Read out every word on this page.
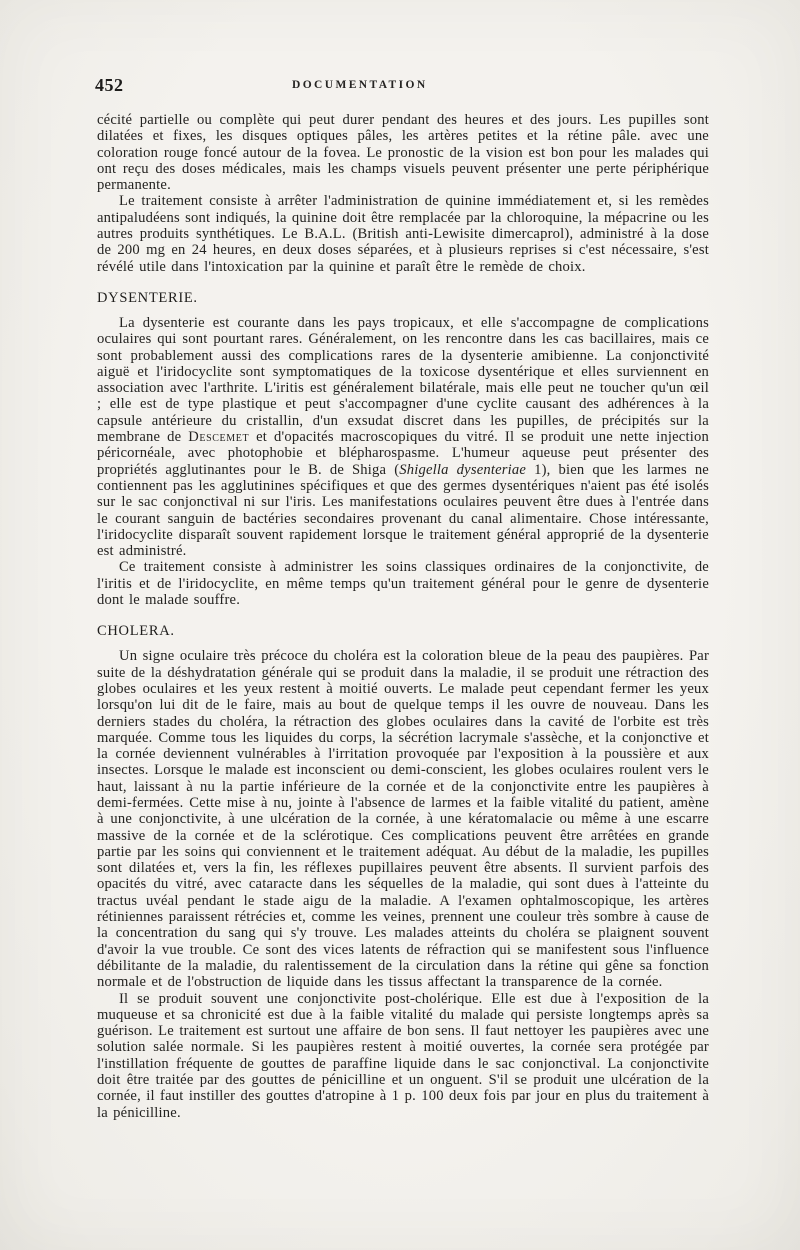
452	DOCUMENTATION

cécité partielle ou complète qui peut durer pendant des heures et des jours. Les pupilles sont dilatées et fixes, les disques optiques pâles, les artères petites et la rétine pâle. avec une coloration rouge foncé autour de la fovea. Le pronostic de la vision est bon pour les malades qui ont reçu des doses médicales, mais les champs visuels peuvent présenter une perte périphérique permanente.

Le traitement consiste à arrêter l'administration de quinine immédiatement et, si les remèdes antipaludéens sont indiqués, la quinine doit être remplacée par la chloroquine, la mépacrine ou les autres produits synthétiques. Le B.A.L. (British anti-Lewisite dimercaprol), administré à la dose de 200 mg en 24 heures, en deux doses séparées, et à plusieurs reprises si c'est nécessaire, s'est révélé utile dans l'intoxication par la quinine et paraît être le remède de choix.

DYSENTERIE.

La dysenterie est courante dans les pays tropicaux, et elle s'accompagne de complications oculaires qui sont pourtant rares. Généralement, on les rencontre dans les cas bacillaires, mais ce sont probablement aussi des complications rares de la dysenterie amibienne. La conjonctivité aiguë et l'iridocyclite sont symptomatiques de la toxicose dysentérique et elles surviennent en association avec l'arthrite. L'iritis est généralement bilatérale, mais elle peut ne toucher qu'un œil ; elle est de type plastique et peut s'accompagner d'une cyclite causant des adhérences à la capsule antérieure du cristallin, d'un exsudat discret dans les pupilles, de précipités sur la membrane de Descemet et d'opacités macroscopiques du vitré. Il se produit une nette injection péricornéale, avec photophobie et blépharospasme. L'humeur aqueuse peut présenter des propriétés agglutinantes pour le B. de Shiga (Shigella dysenteriae 1), bien que les larmes ne contiennent pas les agglutinines spécifiques et que des germes dysentériques n'aient pas été isolés sur le sac conjonctival ni sur l'iris. Les manifestations oculaires peuvent être dues à l'entrée dans le courant sanguin de bactéries secondaires provenant du canal alimentaire. Chose intéressante, l'iridocyclite disparaît souvent rapidement lorsque le traitement général approprié de la dysenterie est administré.

Ce traitement consiste à administrer les soins classiques ordinaires de la conjonctivite, de l'iritis et de l'iridocyclite, en même temps qu'un traitement général pour le genre de dysenterie dont le malade souffre.

CHOLERA.

Un signe oculaire très précoce du choléra est la coloration bleue de la peau des paupières. Par suite de la déshydratation générale qui se produit dans la maladie, il se produit une rétraction des globes oculaires et les yeux restent à moitié ouverts. Le malade peut cependant fermer les yeux lorsqu'on lui dit de le faire, mais au bout de quelque temps il les ouvre de nouveau. Dans les derniers stades du choléra, la rétraction des globes oculaires dans la cavité de l'orbite est très marquée. Comme tous les liquides du corps, la sécrétion lacrymale s'assèche, et la conjonctive et la cornée deviennent vulnérables à l'irritation provoquée par l'exposition à la poussière et aux insectes. Lorsque le malade est inconscient ou demi-conscient, les globes oculaires roulent vers le haut, laissant à nu la partie inférieure de la cornée et de la conjonctivite entre les paupières à demi-fermées. Cette mise à nu, jointe à l'absence de larmes et la faible vitalité du patient, amène à une conjonctivite, à une ulcération de la cornée, à une kératomalacie ou même à une escarre massive de la cornée et de la sclérotique. Ces complications peuvent être arrêtées en grande partie par les soins qui conviennent et le traitement adéquat. Au début de la maladie, les pupilles sont dilatées et, vers la fin, les réflexes pupillaires peuvent être absents. Il survient parfois des opacités du vitré, avec cataracte dans les séquelles de la maladie, qui sont dues à l'atteinte du tractus uvéal pendant le stade aigu de la maladie. A l'examen ophtalmoscopique, les artères rétiniennes paraissent rétrécies et, comme les veines, prennent une couleur très sombre à cause de la concentration du sang qui s'y trouve. Les malades atteints du choléra se plaignent souvent d'avoir la vue trouble. Ce sont des vices latents de réfraction qui se manifestent sous l'influence débilitante de la maladie, du ralentissement de la circulation dans la rétine qui gêne sa fonction normale et de l'obstruction de liquide dans les tissus affectant la transparence de la cornée.

Il se produit souvent une conjonctivite post-cholérique. Elle est due à l'exposition de la muqueuse et sa chronicité est due à la faible vitalité du malade qui persiste longtemps après sa guérison. Le traitement est surtout une affaire de bon sens. Il faut nettoyer les paupières avec une solution salée normale. Si les paupières restent à moitié ouvertes, la cornée sera protégée par l'instillation fréquente de gouttes de paraffine liquide dans le sac conjonctival. La conjonctivite doit être traitée par des gouttes de pénicilline et un onguent. S'il se produit une ulcération de la cornée, il faut instiller des gouttes d'atropine à 1 p. 100 deux fois par jour en plus du traitement à la pénicilline.
